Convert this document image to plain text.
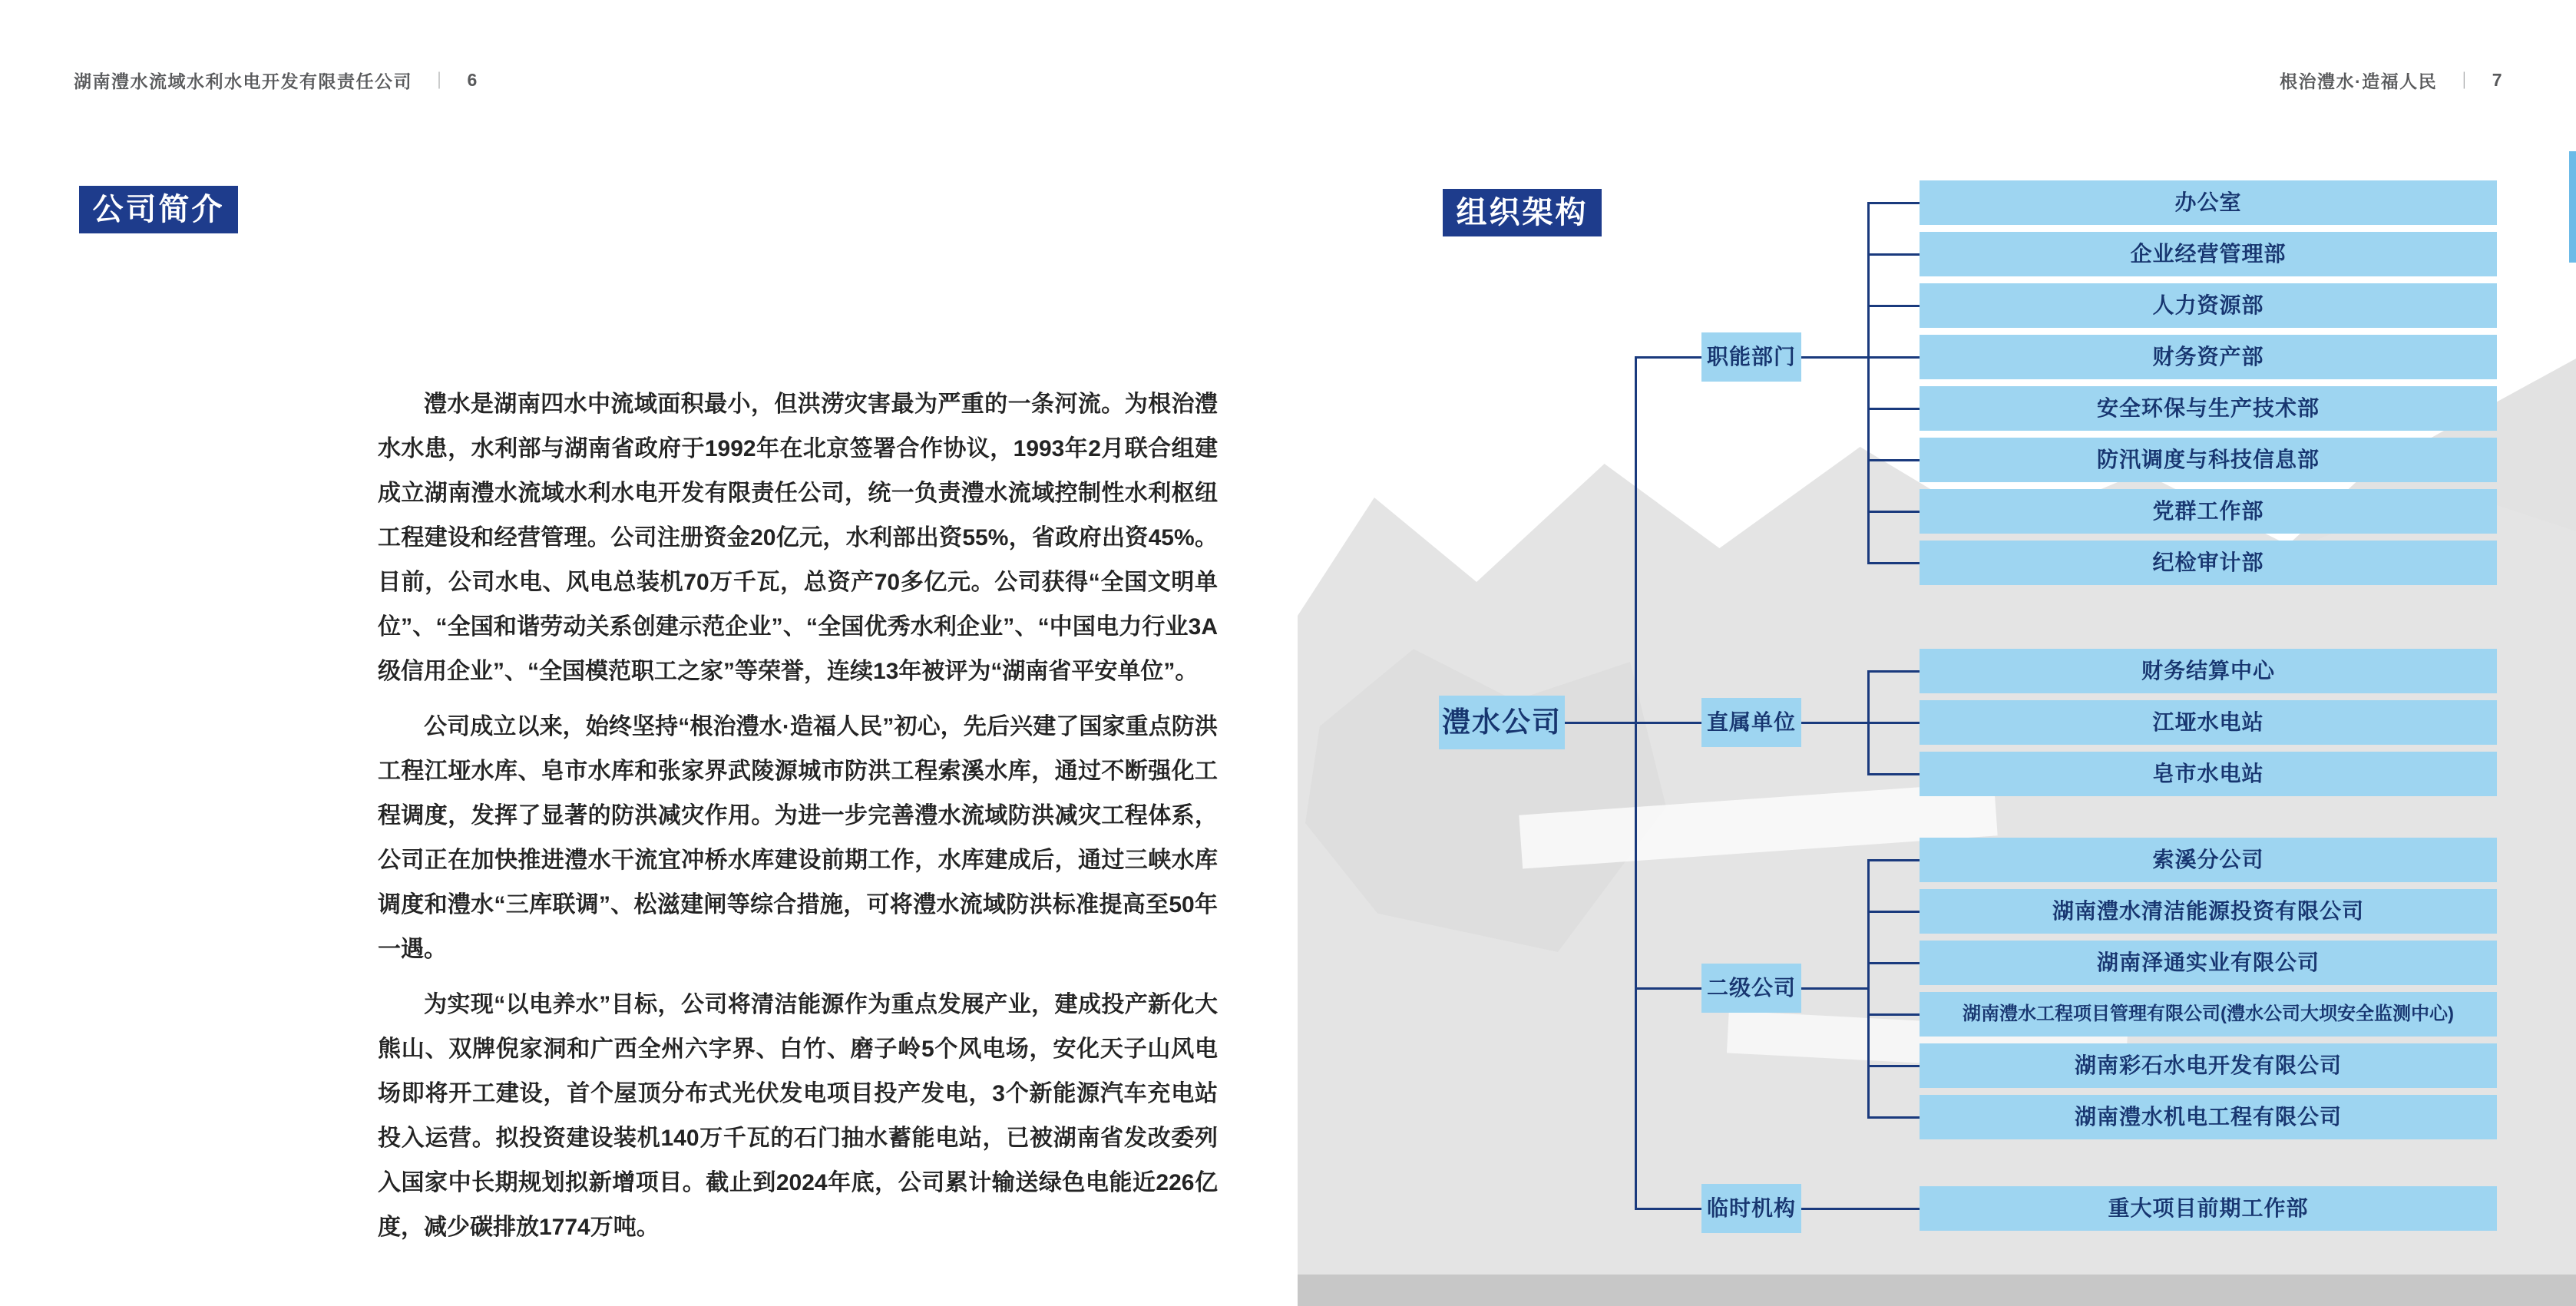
湖南澧水流域水利水电开发有限责任公司 ｜ 6	根治澧水·造福人民 ｜ 7
公司简介	组织架构

澧水是湖南四水中流域面积最小，但洪涝灾害最为严重的一条河流。为根治澧水水患，水利部与湖南省政府于1992年在北京签署合作协议，1993年2月联合组建成立湖南澧水流域水利水电开发有限责任公司，统一负责澧水流域控制性水利枢纽工程建设和经营管理。公司注册资金20亿元，水利部出资55%，省政府出资45%。目前，公司水电、风电总装机70万千瓦，总资产70多亿元。公司获得“全国文明单位”、“全国和谐劳动关系创建示范企业”、“全国优秀水利企业”、“中国电力行业3A级信用企业”、“全国模范职工之家”等荣誉，连续13年被评为“湖南省平安单位”。

公司成立以来，始终坚持“根治澧水·造福人民”初心，先后兴建了国家重点防洪工程江垭水库、皂市水库和张家界武陵源城市防洪工程索溪水库，通过不断强化工程调度，发挥了显著的防洪减灾作用。为进一步完善澧水流域防洪减灾工程体系，公司正在加快推进澧水干流宜冲桥水库建设前期工作，水库建成后，通过三峡水库调度和澧水“三库联调”、松滋建闸等综合措施，可将澧水流域防洪标准提高至50年一遇。

为实现“以电养水”目标，公司将清洁能源作为重点发展产业，建成投产新化大熊山、双牌倪家洞和广西全州六字界、白竹、磨子岭5个风电场，安化天子山风电场即将开工建设，首个屋顶分布式光伏发电项目投产发电，3个新能源汽车充电站投入运营。拟投资建设装机140万千瓦的石门抽水蓄能电站，已被湖南省发改委列入国家中长期规划拟新增项目。截止到2024年底，公司累计输送绿色电能近226亿度，减少碳排放1774万吨。

澧水公司
职能部门
办公室
企业经营管理部
人力资源部
财务资产部
安全环保与生产技术部
防汛调度与科技信息部
党群工作部
纪检审计部
直属单位
财务结算中心
江垭水电站
皂市水电站
二级公司
索溪分公司
湖南澧水清洁能源投资有限公司
湖南泽通实业有限公司
湖南澧水工程项目管理有限公司(澧水公司大坝安全监测中心)
湖南彩石水电开发有限公司
湖南澧水机电工程有限公司
临时机构	重大项目前期工作部
